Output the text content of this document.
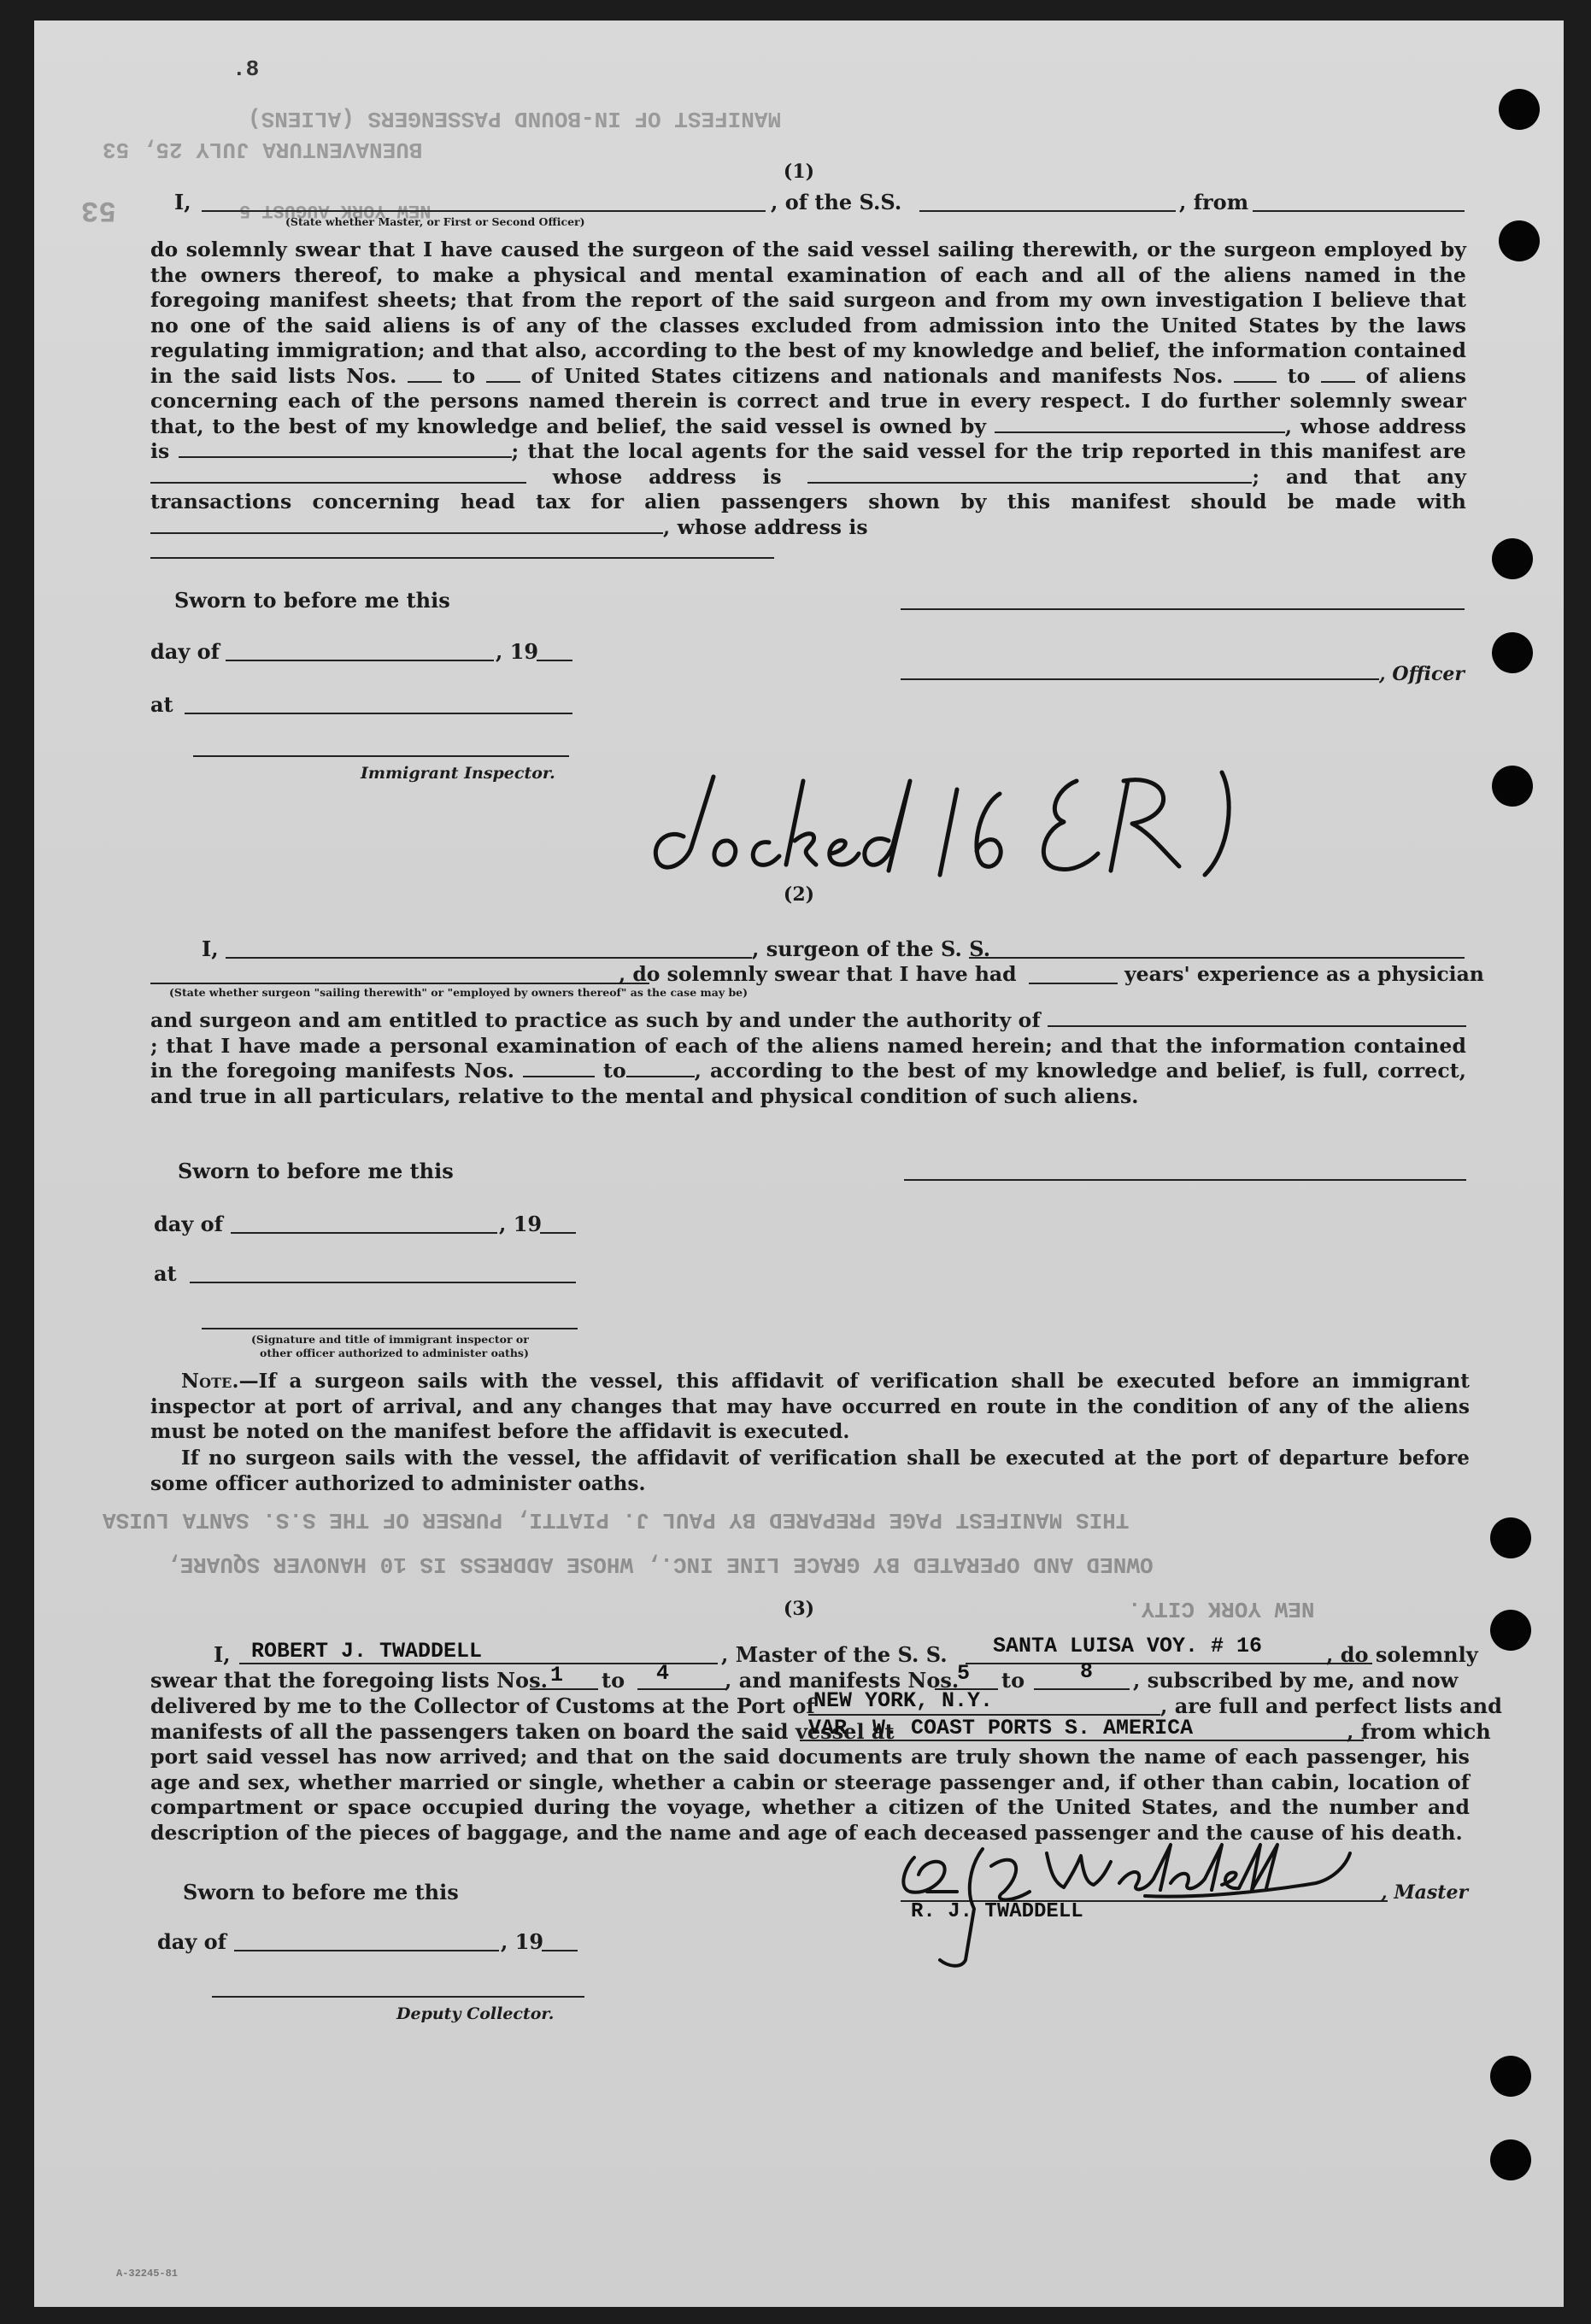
MANIFEST OF IN-BOUND PASSENGERS (ALIENS)
BUENAVENTURA JULY 25, 53
NEW YORK AUGUST 5
53
.8
THIS MANIFEST PAGE PREPARED BY PAUL J. PIATTI, PURSER OF THE S.S. SANTA LUISA
OWNED AND OPERATED BY GRACE LINE INC., WHOSE ADDRESS IS 10 HANOVER SQUARE,
NEW YORK CITY.
(1)
I,	, of the S.S.	, from
(State whether Master, or First or Second Officer)
do solemnly swear that I have caused the surgeon of the said vessel sailing therewith, or the surgeon employed by the owners thereof, to make a physical and mental examination of each and all of the aliens named in the foregoing manifest sheets; that from the report of the said surgeon and from my own investigation I believe that no one of the said aliens is of any of the classes excluded from admission into the United States by the laws regulating immigration; and that also, according to the best of my knowledge and belief, the information contained in the said lists Nos.	to	of United States citizens and nationals and manifests Nos.	to	of aliens concerning each of the persons named therein is correct and true in every respect. I do further solemnly swear that, to the best of my knowledge and belief, the said vessel is owned by	, whose address is	; that the local agents for the said vessel for the trip reported in this manifest are  whose address is	; and that any transactions concerning head tax for alien passengers shown by this manifest should be made with , whose address is

Sworn to before me this
day of	, 19
, Officer
at
Immigrant Inspector.
docked 16 ER
(2)
I,	, surgeon of the S. S.
, do solemnly swear that I have had	years' experience as a physician
(State whether surgeon "sailing therewith" or "employed by owners thereof" as the case may be)
and surgeon and am entitled to practice as such by and under the authority of ; that I have made a personal examination of each of the aliens named herein; and that the information contained in the foregoing manifests Nos.	to	, according to the best of my knowledge and belief, is full, correct, and true in all particulars, relative to the mental and physical condition of such aliens.
Sworn to before me this
day of	, 19
at
(Signature and title of immigrant inspector or
other officer authorized to administer oaths)
Note.—If a surgeon sails with the vessel, this affidavit of verification shall be executed before an immigrant inspector at port of arrival, and any changes that may have occurred en route in the condition of any of the aliens must be noted on the manifest before the affidavit is executed.
If no surgeon sails with the vessel, the affidavit of verification shall be executed at the port of departure before some officer authorized to administer oaths.
(3)
I, ROBERT J. TWADDELL	, Master of the S. S. SANTA LUISA VOY. # 16	, do solemnly
swear that the foregoing lists Nos. 1 to 4	, and manifests Nos.
5 to	8 , subscribed by me, and now
delivered by me to the Collector of Customs at the Port of
NEW YORK, N.Y.	, are full and perfect lists and
manifests of all the passengers taken on board the said vessel at
VAR. W. COAST PORTS S. AMERICA	, from which
port said vessel has now arrived; and that on the said documents are truly shown the name of each passenger, his age and sex, whether married or single, whether a cabin or steerage passenger and, if other than cabin, location of compartment or space occupied during the voyage, whether a citizen of the United States, and the number and description of the pieces of baggage, and the name and age of each deceased passenger and the cause of his death.
Sworn to before me this	, Master
R. J. TWADDELL
day of	, 19
Deputy Collector.
A-32245-81
